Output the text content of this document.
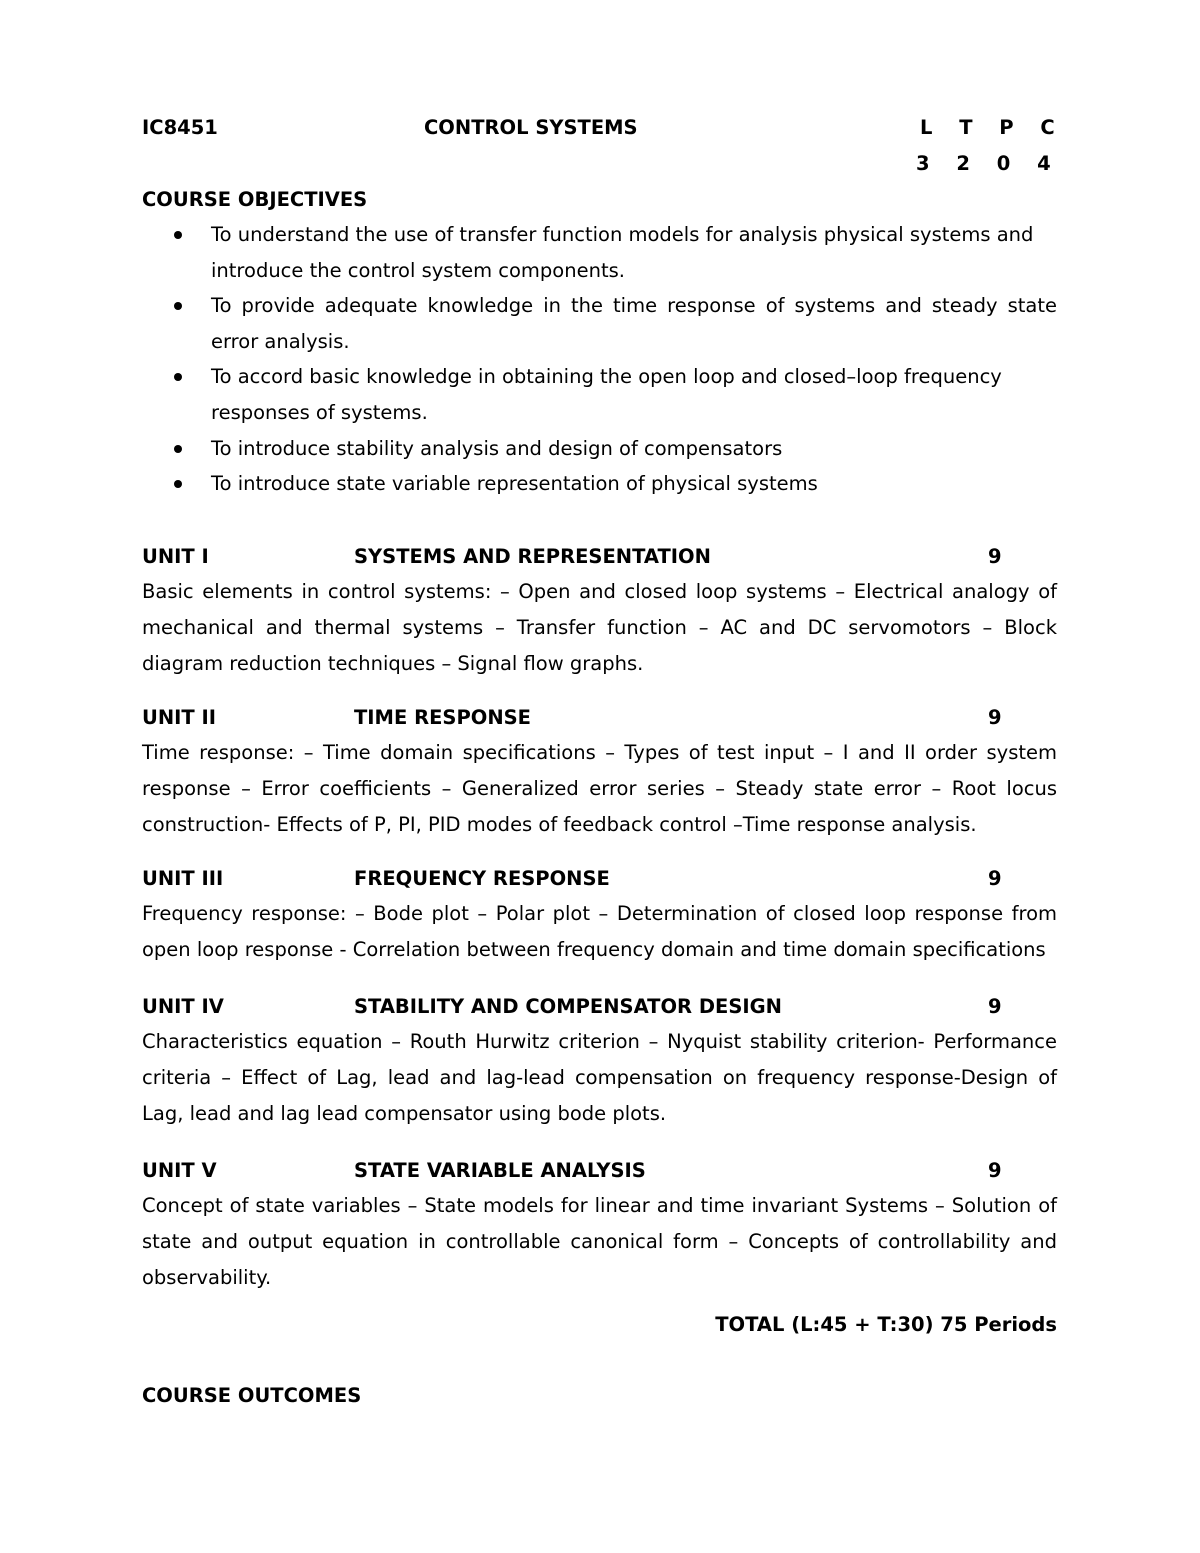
IC8451	CONTROL SYSTEMS	L T P C
3 2 0 4
COURSE OBJECTIVES
To understand the use of transfer function models for analysis physical systems and introduce the control system components.
To provide adequate knowledge in the time response of systems and steady state error analysis.
To accord basic knowledge in obtaining the open loop and closed–loop frequency responses of systems.
To introduce stability analysis and design of compensators
To introduce state variable representation of physical systems
UNIT I	SYSTEMS AND REPRESENTATION	9
Basic elements in control systems: – Open and closed loop systems – Electrical analogy of mechanical and thermal systems – Transfer function – AC and DC servomotors – Block diagram reduction techniques – Signal flow graphs.
UNIT II	TIME RESPONSE	9
Time response: – Time domain specifications – Types of test input – I and II order system response – Error coefficients – Generalized error series – Steady state error – Root locus construction- Effects of P, PI, PID modes of feedback control –Time response analysis.
UNIT III	FREQUENCY RESPONSE	9
Frequency response: – Bode plot – Polar plot – Determination of closed loop response from open loop response - Correlation between frequency domain and time domain specifications
UNIT IV	STABILITY AND COMPENSATOR DESIGN	9
Characteristics equation – Routh Hurwitz criterion – Nyquist stability criterion- Performance criteria – Effect of Lag, lead and lag-lead compensation on frequency response-Design of Lag, lead and lag lead compensator using bode plots.
UNIT V	STATE VARIABLE ANALYSIS	9
Concept of state variables – State models for linear and time invariant Systems – Solution of state and output equation in controllable canonical form – Concepts of controllability and observability.
TOTAL (L:45 + T:30) 75 Periods
COURSE OUTCOMES
